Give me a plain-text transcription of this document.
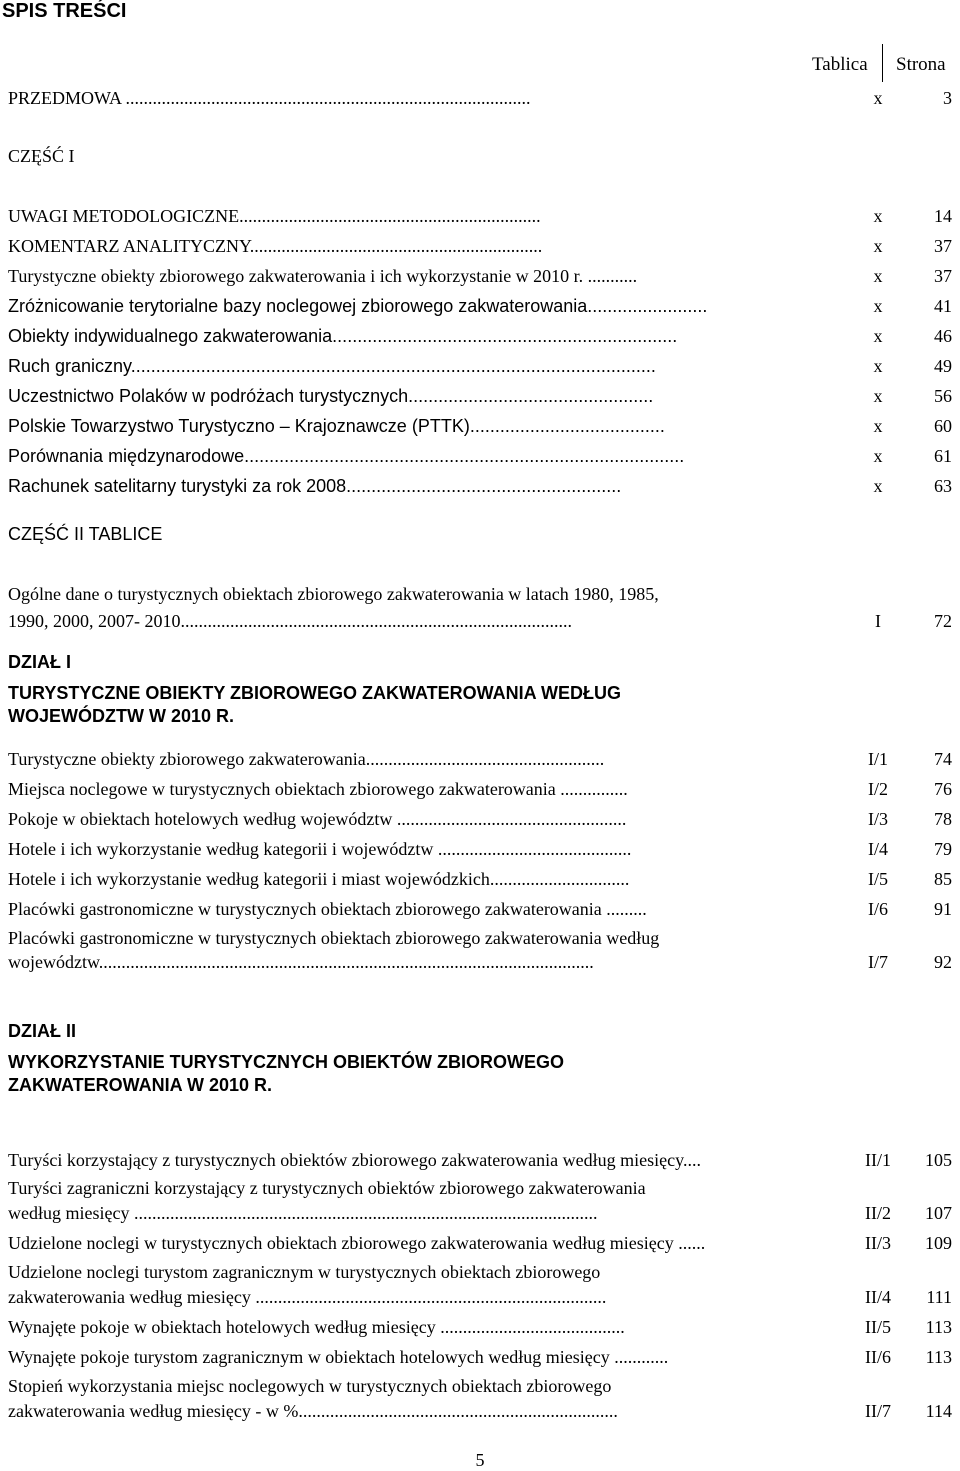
SPIS TREŚCI
Tablica Strona
PRZEDMOWA ..........................................................................................	x	3
CZĘŚĆ I
UWAGI METODOLOGICZNE...................................................................	x	14
KOMENTARZ ANALITYCZNY.................................................................	x	37
Turystyczne obiekty zbiorowego zakwaterowania i ich wykorzystanie w 2010 r. ...........	x	37
Zróżnicowanie terytorialne bazy noclegowej zbiorowego zakwaterowania........................	x	41
Obiekty indywidualnego zakwaterowania.....................................................................	x	46
Ruch graniczny.........................................................................................................	x	49
Uczestnictwo Polaków w podróżach turystycznych.................................................	x	56
Polskie Towarzystwo Turystyczno – Krajoznawcze (PTTK).......................................	x	60
Porównania międzynarodowe........................................................................................	x	61
Rachunek satelitarny turystyki za rok 2008.......................................................	x	63
CZĘŚĆ II TABLICE
Ogólne dane o turystycznych obiektach zbiorowego zakwaterowania w latach 1980, 1985,
1990, 2000, 2007- 2010.......................................................................................	I	72
DZIAŁ I
TURYSTYCZNE OBIEKTY ZBIOROWEGO ZAKWATEROWANIA WEDŁUG
WOJEWÓDZTW W 2010 R.
Turystyczne obiekty zbiorowego zakwaterowania.....................................................	I/1	74
Miejsca noclegowe w turystycznych obiektach zbiorowego zakwaterowania ...............	I/2	76
Pokoje w obiektach hotelowych według województw ...................................................	I/3	78
Hotele i ich wykorzystanie według kategorii i województw ...........................................	I/4	79
Hotele i ich wykorzystanie według kategorii i miast wojewódzkich...............................	I/5	85
Placówki gastronomiczne w turystycznych obiektach zbiorowego zakwaterowania .........	I/6	91
Placówki gastronomiczne w turystycznych obiektach zbiorowego zakwaterowania według
województw..............................................................................................................	I/7	92
DZIAŁ II
WYKORZYSTANIE TURYSTYCZNYCH OBIEKTÓW ZBIOROWEGO
ZAKWATEROWANIA W 2010 R.
Turyści korzystający z turystycznych obiektów zbiorowego zakwaterowania według miesięcy....	II/1	105
Turyści zagraniczni korzystający z turystycznych obiektów zbiorowego zakwaterowania
według miesięcy .......................................................................................................	II/2	107
Udzielone noclegi w turystycznych obiektach zbiorowego zakwaterowania według miesięcy ......	II/3	109
Udzielone noclegi turystom zagranicznym w turystycznych obiektach zbiorowego
zakwaterowania według miesięcy ..............................................................................	II/4	111
Wynajęte pokoje w obiektach hotelowych według miesięcy .........................................	II/5	113
Wynajęte pokoje turystom zagranicznym w obiektach hotelowych według miesięcy ............	II/6	113
Stopień wykorzystania miejsc noclegowych w turystycznych obiektach zbiorowego
zakwaterowania według miesięcy - w %.......................................................................	II/7	114
5
